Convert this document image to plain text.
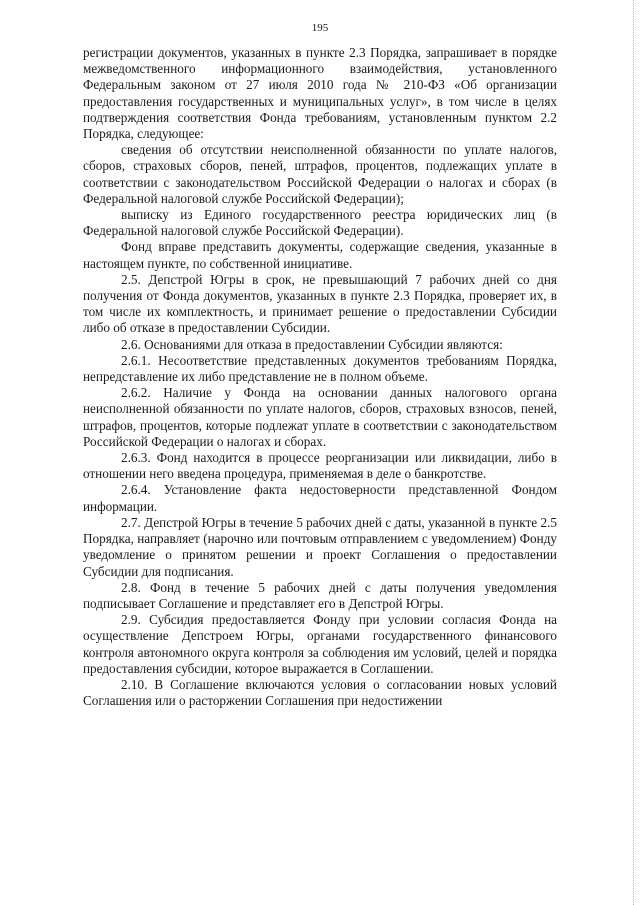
195

регистрации документов, указанных в пункте 2.3 Порядка, запрашивает в порядке межведомственного информационного взаимодействия, установленного Федеральным законом от 27 июля 2010 года № 210-ФЗ «Об организации предоставления государственных и муниципальных услуг», в том числе в целях подтверждения соответствия Фонда требованиям, установленным пунктом 2.2 Порядка, следующее:

сведения об отсутствии неисполненной обязанности по уплате налогов, сборов, страховых сборов, пеней, штрафов, процентов, подлежащих уплате в соответствии с законодательством Российской Федерации о налогах и сборах (в Федеральной налоговой службе Российской Федерации);

выписку из Единого государственного реестра юридических лиц (в Федеральной налоговой службе Российской Федерации).

Фонд вправе представить документы, содержащие сведения, указанные в настоящем пункте, по собственной инициативе.

2.5. Депстрой Югры в срок, не превышающий 7 рабочих дней со дня получения от Фонда документов, указанных в пункте 2.3 Порядка, проверяет их, в том числе их комплектность, и принимает решение о предоставлении Субсидии либо об отказе в предоставлении Субсидии.

2.6. Основаниями для отказа в предоставлении Субсидии являются:

2.6.1. Несоответствие представленных документов требованиям Порядка, непредставление их либо представление не в полном объеме.

2.6.2. Наличие у Фонда на основании данных налогового органа неисполненной обязанности по уплате налогов, сборов, страховых взносов, пеней, штрафов, процентов, которые подлежат уплате в соответствии с законодательством Российской Федерации о налогах и сборах.

2.6.3. Фонд находится в процессе реорганизации или ликвидации, либо в отношении него введена процедура, применяемая в деле о банкротстве.

2.6.4. Установление факта недостоверности представленной Фондом информации.

2.7. Депстрой Югры в течение 5 рабочих дней с даты, указанной в пункте 2.5 Порядка, направляет (нарочно или почтовым отправлением с уведомлением) Фонду уведомление о принятом решении и проект Соглашения о предоставлении Субсидии для подписания.

2.8. Фонд в течение 5 рабочих дней с даты получения уведомления подписывает Соглашение и представляет его в Депстрой Югры.

2.9. Субсидия предоставляется Фонду при условии согласия Фонда на осуществление Депстроем Югры, органами государственного финансового контроля автономного округа контроля за соблюдения им условий, целей и порядка предоставления субсидии, которое выражается в Соглашении.

2.10. В Соглашение включаются условия о согласовании новых условий Соглашения или о расторжении Соглашения при недостижении
